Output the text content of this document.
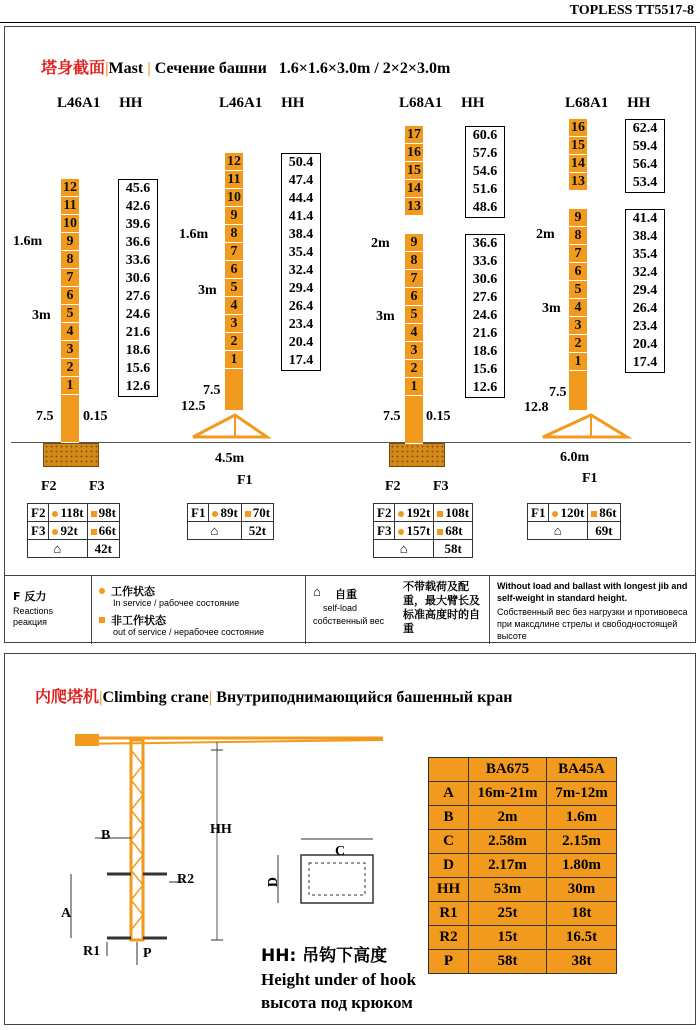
TOPLESS TT5517-8
塔身截面|Mast | Сечение башни 1.6×1.6×3.0m / 2×2×3.0m
L46A1 HH	L46A1 HH	L68A1 HH	L68A1 HH
12
11
10
9
8
7
6
5
4
3
2
1
45.6
42.6
39.6
36.6
33.6
30.6
27.6
24.6
21.6
18.6
15.6
12.6
1.6m
3m
7.5 0.15
12
11
10
9
8
7
6
5
4
3
2
1
50.4
47.4
44.4
41.4
38.4
35.4
32.4
29.4
26.4
23.4
20.4
17.4
1.6m
3m
7.5
12.5
4.5m
17
16
15
14
13
9
8
7
6
5
4
3
2
1
60.6
57.6
54.6
51.6
48.6
36.6
33.6
30.6
27.6
24.6
21.6
18.6
15.6
12.6
2m
3m
7.5 0.15
16
15
14
13
9
8
7
6
5
4
3
2
1
62.4
59.4
56.4
53.4
41.4
38.4
35.4
32.4
29.4
26.4
23.4
20.4
17.4
2m
3m
7.5
12.8
6.0m
F2 F3	F1	F2 F3
F1
F2	118t	98t
F3	92t	66t
⌂		42t
F1	89t	70t
⌂		52t
F2	192t	108t
F3	157t	68t
⌂		58t
F1	120t	86t
⌂		69t
F 反力
Reactions
реакция
工作状态
In service / рабочее состояние
非工作状态
out of service / нерабочее состояние
⌂ 自重
self-load
собственный вес
不带载荷及配重，最大臂长及标准高度时的自重
Without load and ballast with longest jib and self-weight in standard height.
Собственный вес без нагрузки и противовеса при максдлине стрелы и свободностоящей высоте
内爬塔机|Climbing crane| Внутриподнимающийся башенный кран
HH
B
R2
A
R1	P
C
D
HH: 吊钩下高度
Height under of hook
высота под крюком
	BA675	BA45A
A	16m-21m	7m-12m
B	2m	1.6m
C	2.58m	2.15m
D	2.17m	1.80m
HH	53m	30m
R1	25t	18t
R2	15t	16.5t
P	58t	38t
